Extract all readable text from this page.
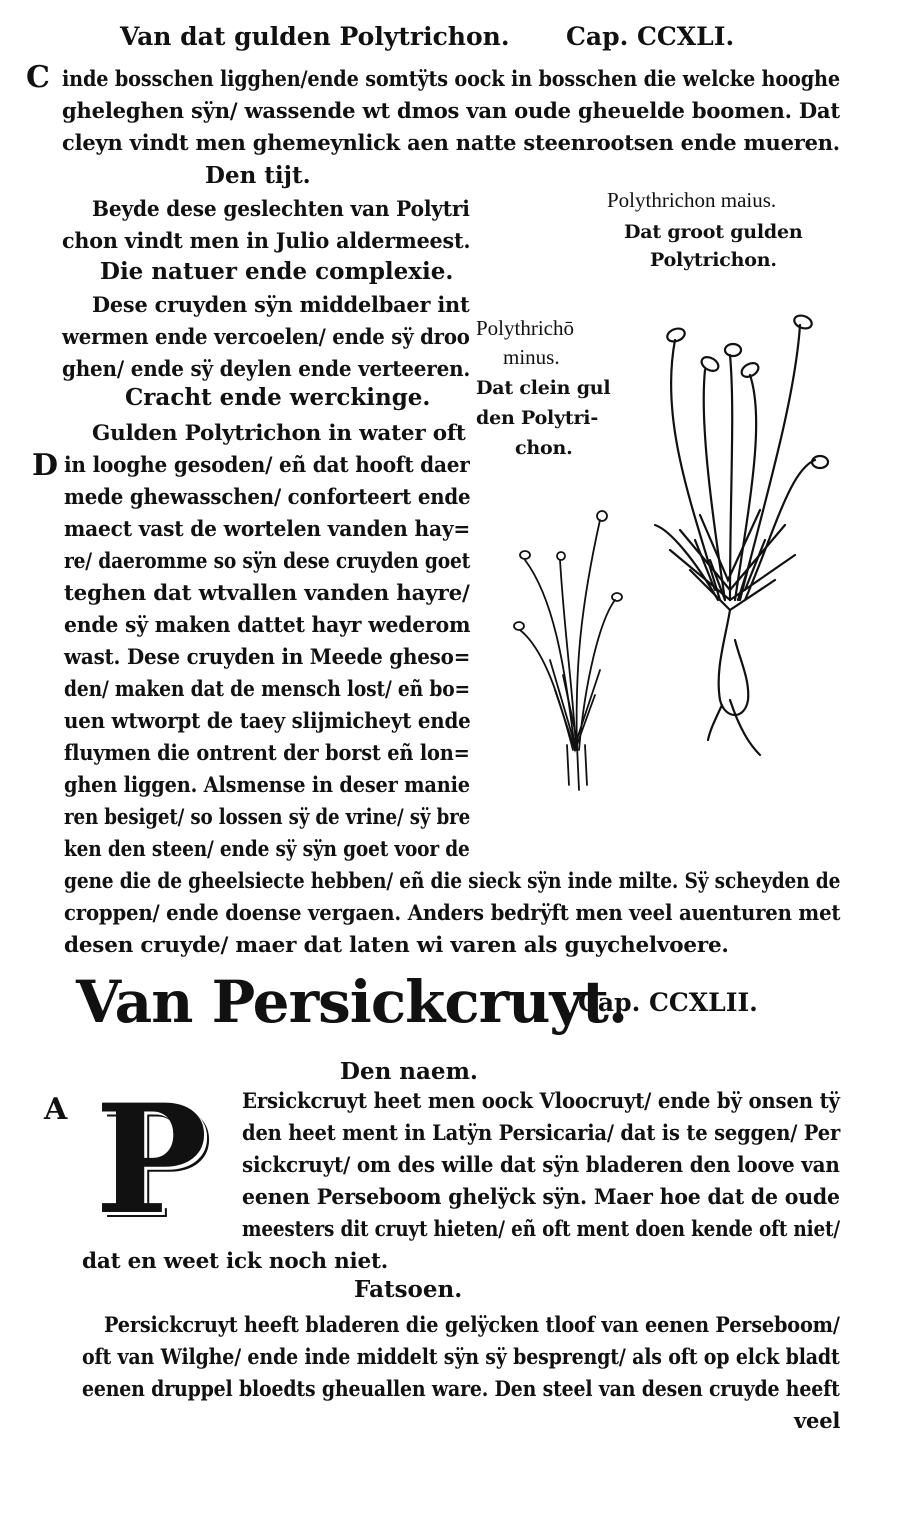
Van dat gulden Polytrichon. Cap. CCXLI.
C inde bosschen ligghen/ende somtÿts oock in bosschen die welcke hooghe
gheleghen sÿn/ wassende wt dmos van oude gheuelde boomen. Dat
cleyn vindt men ghemeynlick aen natte steenrootsen ende mueren.
Den tijt.
Beyde dese geslechten van Polytri
chon vindt men in Julio aldermeest.
Die natuer ende complexie.
Dese cruyden sÿn middelbaer int
wermen ende vercoelen/ ende sÿ droo
ghen/ ende sÿ deylen ende verteeren.
Cracht ende werckinge.
D
Gulden Polytrichon in water oft
in looghe gesoden/ eñ dat hooft daer
mede ghewasschen/ conforteert ende
maect vast de wortelen vanden hay=
re/ daeromme so sÿn dese cruyden goet
teghen dat wtvallen vanden hayre/
ende sÿ maken dattet hayr wederom
wast. Dese cruyden in Meede gheso=
den/ maken dat de mensch lost/ eñ bo=
uen wtworpt de taey slijmicheyt ende
fluymen die ontrent der borst eñ lon=
ghen liggen. Alsmense in deser manie
ren besiget/ so lossen sÿ de vrine/ sÿ bre
ken den steen/ ende sÿ sÿn goet voor de
gene die de gheelsiecte hebben/ eñ die sieck sÿn inde milte. Sÿ scheyden de
croppen/ ende doense vergaen. Anders bedrÿft men veel auenturen met
desen cruyde/ maer dat laten wi varen als guychelvoere.
Polythrichon maius.
Dat groot gulden
Polytrichon.
Polythrichō
minus.
Dat clein gul
den Polytri-
chon.
Van Persickcruyt.
Cap. CCXLII.
Den naem.
A P Ersickcruyt heet men oock Vloocruyt/ ende bÿ onsen tÿ
den heet ment in Latÿn Persicaria/ dat is te seggen/ Per
sickcruyt/ om des wille dat sÿn bladeren den loove van
eenen Perseboom ghelÿck sÿn. Maer hoe dat de oude
meesters dit cruyt hieten/ eñ oft ment doen kende oft niet/
dat en weet ick noch niet.
Fatsoen.
Persickcruyt heeft bladeren die gelÿcken tloof van eenen Perseboom/
oft van Wilghe/ ende inde middelt sÿn sÿ besprengt/ als oft op elck bladt
eenen druppel bloedts gheuallen ware. Den steel van desen cruyde heeft
veel
